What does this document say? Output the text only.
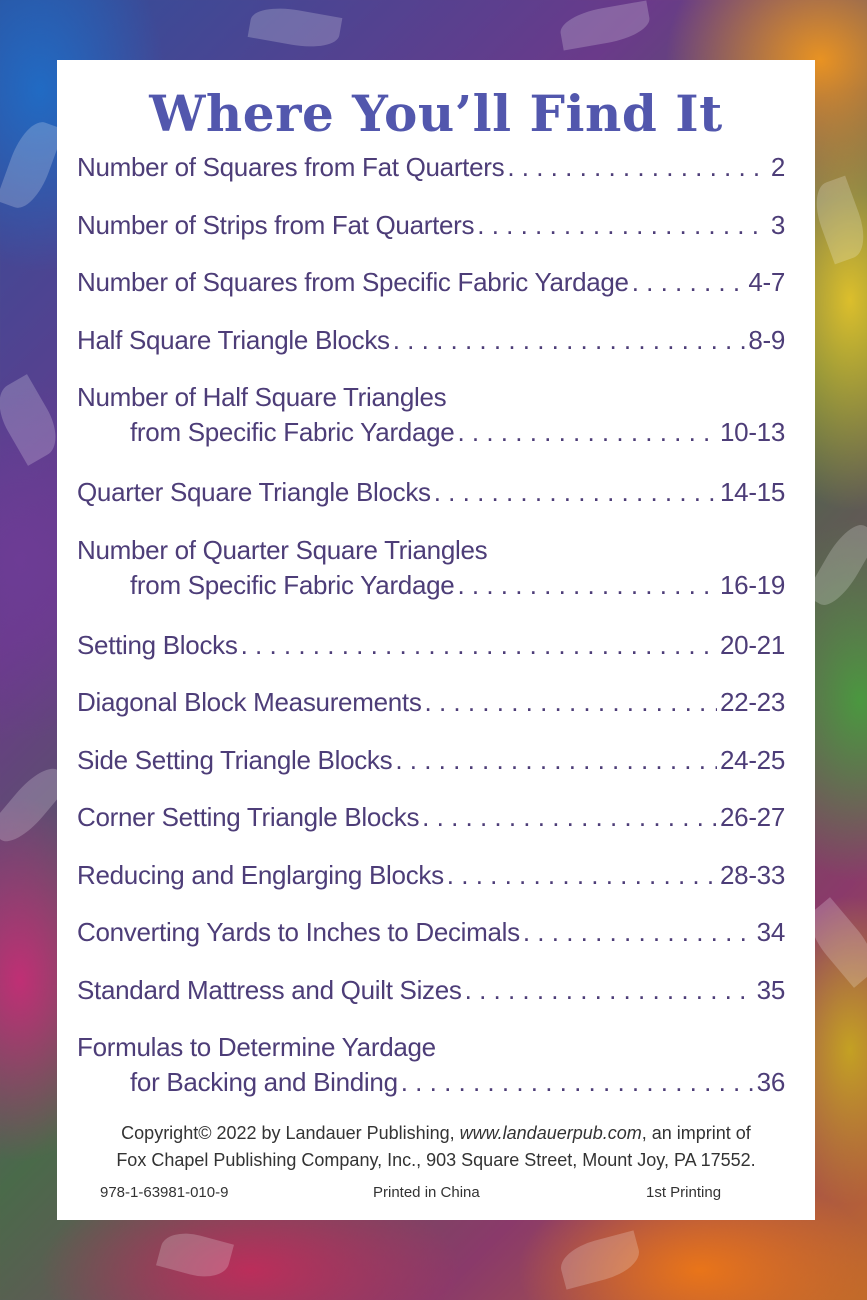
Where You’ll Find It
Number of Squares from Fat Quarters . . .	2
Number of Strips from Fat Quarters . . .	3
Number of Squares from Specific Fabric Yardage . . .	4-7
Half Square Triangle Blocks . . .	8-9
Number of Half Square Triangles
from Specific Fabric Yardage . . .	10-13
Quarter Square Triangle Blocks . . .	14-15
Number of Quarter Square Triangles
from Specific Fabric Yardage . . .	16-19
Setting Blocks . . .	20-21
Diagonal Block Measurements . . .	22-23
Side Setting Triangle Blocks . . .	24-25
Corner Setting Triangle Blocks . . .	26-27
Reducing and Englarging Blocks . . .	28-33
Converting Yards to Inches to Decimals . . .	34
Standard Mattress and Quilt Sizes . . .	35
Formulas to Determine Yardage
for Backing and Binding . . .	36
Copyright© 2022 by Landauer Publishing, www.landauerpub.com, an imprint of
Fox Chapel Publishing Company, Inc., 903 Square Street, Mount Joy, PA 17552.
978-1-63981-010-9	Printed in China	1st Printing
